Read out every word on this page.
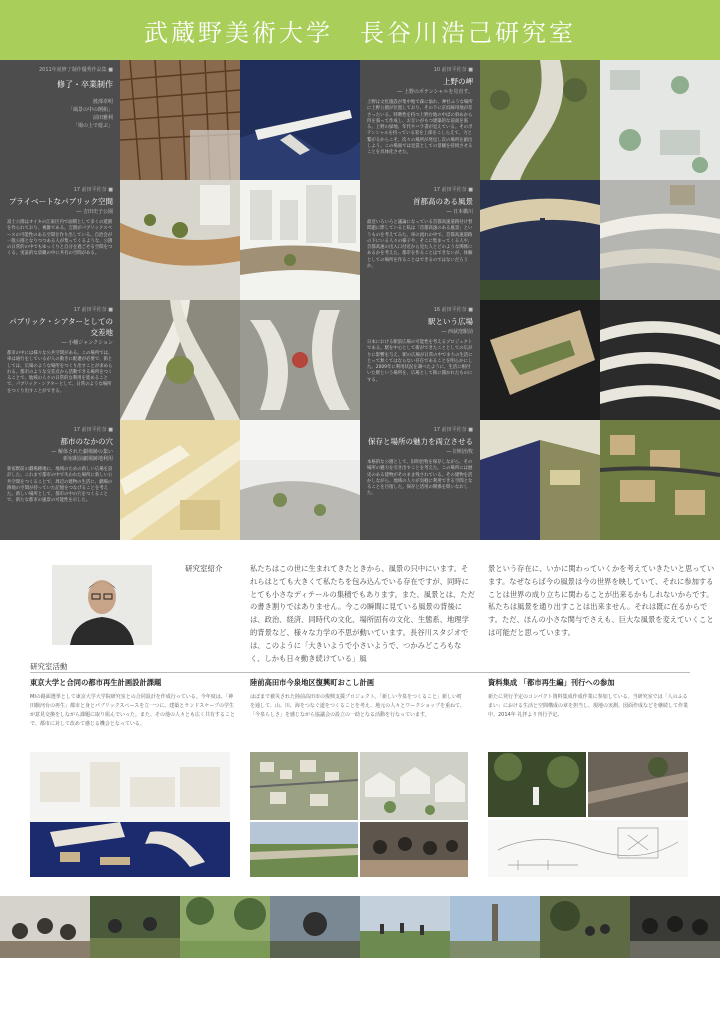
武蔵野美術大学　長谷川浩己研究室
2011年度修了制作優秀作品集 ■
修了・卒業制作
渡部卓明
「風景の中の開拓」
前田雅利
「場の上で遊ぶ」
10 前田平佐奈 ■
上野の岬
― 上野のポテンシャルを見直す。
上野は文化施設が集中地で森に溢れ、神社ふうな場所に上野公園が位置しており、その下に京浜線用地が差さったいる。特徴性を持つ上野台地の中ばの斜めから凹を張って作成し、お互いがもつ建築的な前面を張る。上野の緑地、年代やバラ書が見えている。そのポテンシャルを持っている窓を上部をこしらえて、力と繋がるからこそ、次々の場所が発見し次の場所を創出しよう。この場面では見覚としての景観を持続させることを具体化させた。
17 前田平佐奈 ■
プライベートなパブリック空間
― 吉田史子公園
富士公園はオイキの江東区内で面積として多くの遊園を作られており、複雑である。吉園がパブリックスペースの可能性のある空間を作り出している。自治会が一般公園となりつつある人が集ってくるような、公園の日常的の中でもゆっくりと自分を過ごせる空間をつくる。実証的な景観の中に共有の空間がある。
17 前田平佐奈 ■
首都高のある風景
― 日本橋川
最近いろいろと議論になっている首都高速道路付け替問題に際していると私は「首都高速のある風景」というものを考えてみた。車の流れの中で、首都高速道路の下にいる人々の様子や、そこに集まってくる人や、首都高速の出入口付近から見た人とどのような関係にあるかを考えた。都市を作ることはできないが、体験としての場所を作ることはできるのではないだろうか。
17 前田平佐奈 ■
パブリック・シアターとしての交差地
― 小幡ジャンクション
都市の中には様々な公共空間がある。この場所では、車は通行をしているが人の動きに配慮が必要で、街としては、広場のような場所をつくり出すことが求められる。都市のような交差点から活動できる場所をつくることで、地域の人々の日常的な利用を進めることで、パブリック・シアターとして、日常のような場所をつくり出すことができる。
16 前田平佐奈 ■
駅という広場
― 西荻窪駅前
日本における駅前広場の可能性を考えるプロジェクトである。駅を中心として街ができたこととしての広がりに影響を与え、駅の広場が日常の中でまちの生活にとって無くてはならない存在であることを明らかにした。2009年に利用状況を調べたように、生活に根付いた駅という場所を、広場として街に開かれたものにする。
17 前田平佐奈 ■
都市のなかの穴
― 解体された劇場跡の集い
新宿駅前劇場跡地利用
新宿駅前の劇場跡地に、地域のための新しい広場を設計した。これまで都市の中で失われた場所に新しい公共空間をつくることで、周辺の建物の生活に、劇場の跡地の空間が持っていた記憶をつなげることを考えた。新しい場所として、都市の中の穴をつくることで、新たな都市の風景の可能性を示した。
17 前田平佐奈 ■
保存と場所の魅力を両立させる
― 旧明治牧
本格的な公園として、旧明治牧を保存しながら、その場所の魅力を引き出すことを考えた。この場所には歴史のある建物がそのまま残されている。その建物を活かしながら、地域の人々が気軽に利用できる空間となることを目指した。保存と活用の関係を問いなおした。
研究室紹介	私たちはこの世に生まれてきたときから、風景の只中にいます。それらはとても大きくて私たちを包み込んでいる存在ですが、同時にとても小さなディテールの集積でもあります。また、風景とは、ただの書き割りではありません。今この瞬間に見ている風景の背後には、政治、経済、同時代の文化、場所固有の文化、生態系、地理学的背景など、様々な力学の不思が動いています。長谷川スタジオでは、このように「大きいようで小さいようで、つかみどころもなく、しかも日々動き続けている」風
景という存在に、いかに関わっていくかを考えていきたいと思っています。なぜならば今の風景は今の世界を映していて、それに参加することは世界の成り立ちに関わることが出来るかもしれないからです。私たちは風景を通り出すことは出来ません。それは既に在るからです。ただ、ほんの小さな関与でさえも、巨大な風景を変えていくことは可能だと思っています。
研究室活動
東京大学と合同の都市再生計画設計課題

MIの路面選挙として東京大学大学院研究室との合同設計を作成行っている。今年度は、「神田駿河台の再生」都市と身とパブリックスペースを立一つに、建築とランドスケープの学生が意見交換をしながら課題に取り組んでいった。また、その他の人々とも広く共有することで、都市に対して改めて感じる機会となっている。

陸前高田市今泉地区復興町おこし計画

はばまで被災された陸前高田市の復興支援プロジェクト。「新しい今泉をつくること」新しい町を通して、山、川、海をつなぐ道をつくることを考え、地元の人々とワークショップを重ねて、「今泉らしさ」を感じながら協議会の設立の一助となる活動を行なっています。

資料集成 「都市再生編」刊行への参加

新たに発行予定のコンパクト資料集成作成作業に参加している。当研究室では「人のふるまい」における生活と空間構成の章を担当し、現地の実測、図面作成などを継続して作業中。2014年 礼拝より刊行予定。
